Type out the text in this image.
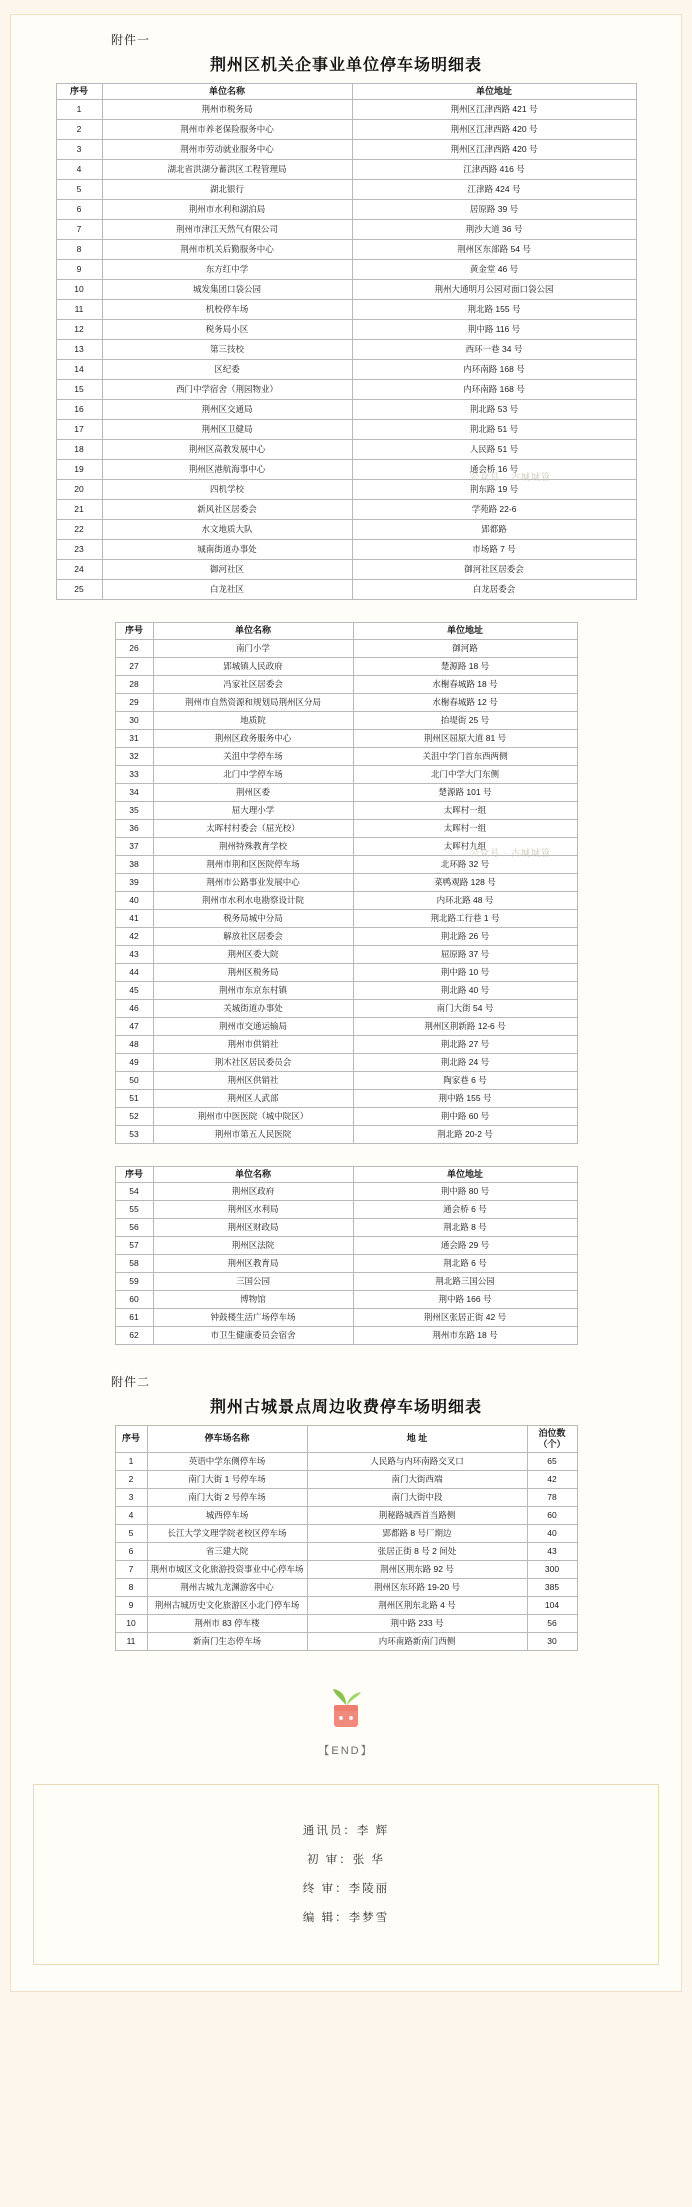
附件一
荆州区机关企事业单位停车场明细表
序号	单位名称	单位地址
1	荆州市税务局	荆州区江津西路 421 号
2	荆州市养老保险服务中心	荆州区江津西路 420 号
3	荆州市劳动就业服务中心	荆州区江津西路 420 号
4	湖北省洪湖分蓄洪区工程管理局	江津西路 416 号
5	湖北银行	江津路 424 号
6	荆州市水利和湖泊局	居原路 39 号
7	荆州市津江天然气有限公司	荆沙大道 36 号
8	荆州市机关后勤服务中心	荆州区东部路 54 号
9	东方红中学	黄金堂 46 号
10	城发集团口袋公园	荆州大通明月公园对面口袋公园
11	机校停车场	荆北路 155 号
12	税务局小区	荆中路 116 号
13	第三技校	西环一巷 34 号
14	区纪委	内环南路 168 号
15	西门中学宿舍（荆园物业）	内环南路 168 号
16	荆州区交通局	荆北路 53 号
17	荆州区卫健局	荆北路 51 号
18	荆州区高教发展中心	人民路 51 号
19	荆州区港航海事中心	通会桥 16 号
20	四机学校	荆东路 19 号
21	新风社区居委会	学苑路 22-6
22	水文地质大队	郢都路
23	城南街道办事处	市场路 7 号
24	御河社区	御河社区居委会
25	白龙社区	白龙居委会
序号	单位名称	单位地址
26	南门小学	御河路
27	郢城镇人民政府	楚源路 18 号
28	冯家社区居委会	水榭春城路 18 号
29	荆州市自然资源和规划局荆州区分局	水榭春城路 12 号
30	地质院	抬堤街 25 号
31	荆州区政务服务中心	荆州区屈原大道 81 号
32	关沮中学停车场	关沮中学门首东西两侧
33	北门中学停车场	北门中学大门东侧
34	荆州区委	楚源路 101 号
35	屈大理小学	太晖村一组
36	太晖村村委会（屈光校）	太晖村一组
37	荆州特殊教育学校	太晖村九组
38	荆州市荆和区医院停车场	北环路 32 号
39	荆州市公路事业发展中心	菜鸭观路 128 号
40	荆州市水利水电勘察设计院	内环北路 48 号
41	税务局城中分局	荆北路工行巷 1 号
42	解放社区居委会	荆北路 26 号
43	荆州区委大院	屈原路 37 号
44	荆州区税务局	荆中路 10 号
45	荆州市东京东村镇	荆北路 40 号
46	关城街道办事处	南门大街 54 号
47	荆州市交通运输局	荆州区荆新路 12-6 号
48	荆州市供销社	荆北路 27 号
49	荆木社区居民委员会	荆北路 24 号
50	荆州区供销社	陶家巷 6 号
51	荆州区人武部	荆中路 155 号
52	荆州市中医医院（城中院区）	荆中路 60 号
53	荆州市第五人民医院	荆北路 20-2 号
序号	单位名称	单位地址
54	荆州区政府	荆中路 80 号
55	荆州区水利局	通会桥 6 号
56	荆州区财政局	荆北路 8 号
57	荆州区法院	通会路 29 号
58	荆州区教育局	荆北路 6 号
59	三国公园	荆北路三国公园
60	博物馆	荆中路 166 号
61	钟鼓楼生活广场停车场	荆州区张居正街 42 号
62	市卫生健康委员会宿舍	荆州市东路 18 号
附件二
荆州古城景点周边收费停车场明细表
序号	停车场名称	地 址	泊位数（个）
1	英语中学东侧停车场	人民路与内环南路交叉口	65
2	南门大街 1 号停车场	南门大街西端	42
3	南门大街 2 号停车场	南门大街中段	78
4	城西停车场	荆秘路城西首当路侧	60
5	长江大学文理学院老校区停车场	郢都路 8 号厂期边	40
6	省三建大院	张居正街 8 号 2 间处	43
7	荆州市城区文化旅游投资事业中心停车场	荆州区荆东路 92 号	300
8	荆州古城九龙渊游客中心	荆州区东环路 19-20 号	385
9	荆州古城历史文化旅游区小北门停车场	荆州区荆东北路 4 号	104
10	荆州市 83 停车楼	荆中路 233 号	56
11	新南门生态停车场	内环南路新南门西侧	30
【END】
通讯员：李 辉
初 审：张 华
终 审：李陵丽
编 辑：李梦雪
公众号 · 古城城管
公众号 · 古城城管
